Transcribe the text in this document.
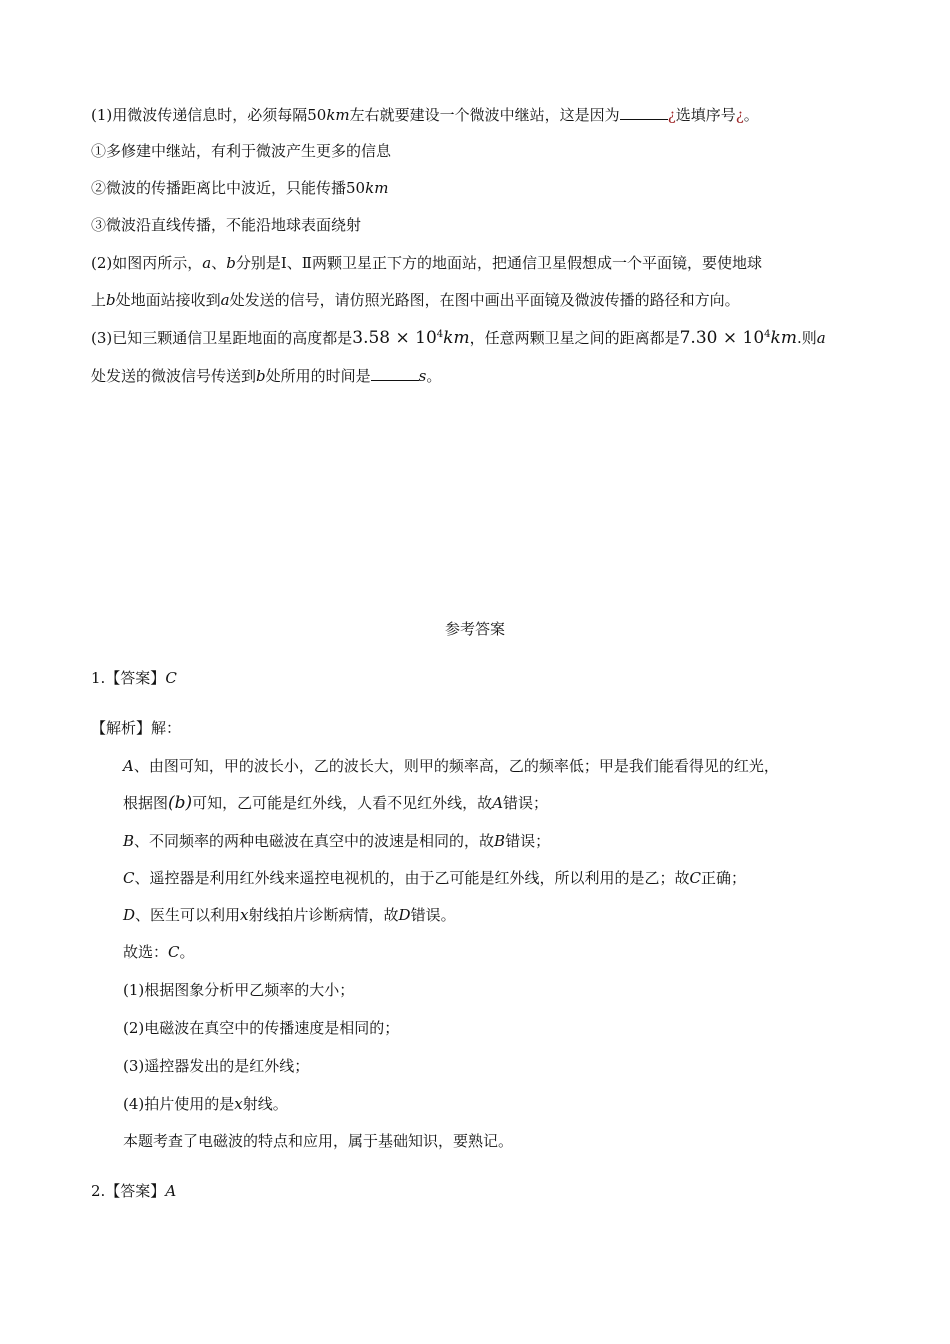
(1)用微波传递信息时，必须每隔50km左右就要建设一个微波中继站，这是因为	¿选填序号¿。
①多修建中继站，有利于微波产生更多的信息
②微波的传播距离比中波近，只能传播50km
③微波沿直线传播，不能沿地球表面绕射
(2)如图丙所示，a、b分别是Ⅰ、Ⅱ两颗卫星正下方的地面站，把通信卫星假想成一个平面镜，要使地球
上b处地面站接收到a处发送的信号，请仿照光路图，在图中画出平面镜及微波传播的路径和方向。
(3)已知三颗通信卫星距地面的高度都是$3.58 \times 10^4km$，任意两颗卫星之间的距离都是$7.30 \times 10^4km$.则a
处发送的微波信号传送到b处所用的时间是	s。
参考答案
1.【答案】C
【解析】解：
A、由图可知，甲的波长小，乙的波长大，则甲的频率高，乙的频率低；甲是我们能看得见的红光，
根据图(b)可知，乙可能是红外线，人看不见红外线，故A错误；
B、不同频率的两种电磁波在真空中的波速是相同的，故B错误；
C、遥控器是利用红外线来遥控电视机的，由于乙可能是红外线，所以利用的是乙；故C正确；
D、医生可以利用x射线拍片诊断病情，故D错误。
故选：C。
(1)根据图象分析甲乙频率的大小；
(2)电磁波在真空中的传播速度是相同的；
(3)遥控器发出的是红外线；
(4)拍片使用的是x射线。
本题考查了电磁波的特点和应用，属于基础知识，要熟记。
2.【答案】A
